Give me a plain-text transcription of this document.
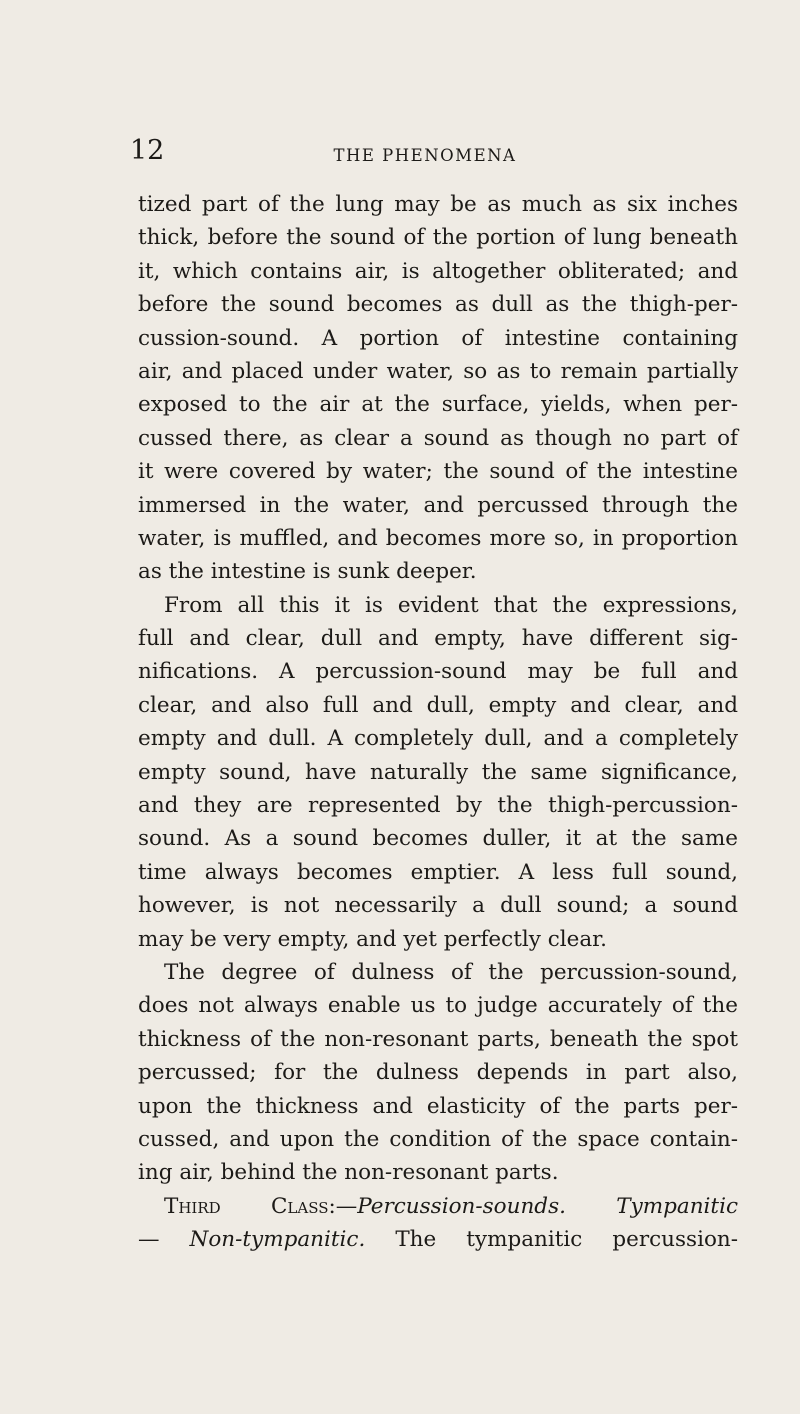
12	THE PHENOMENA
tized part of the lung may be as much as six inches
thick, before the sound of the portion of lung beneath
it, which contains air, is altogether obliterated; and
before the sound becomes as dull as the thigh-per-
cussion-sound. A portion of intestine containing
air, and placed under water, so as to remain partially
exposed to the air at the surface, yields, when per-
cussed there, as clear a sound as though no part of
it were covered by water; the sound of the intestine
immersed in the water, and percussed through the
water, is muffled, and becomes more so, in proportion
as the intestine is sunk deeper.
From all this it is evident that the expressions,
full and clear, dull and empty, have different sig-
nifications. A percussion-sound may be full and
clear, and also full and dull, empty and clear, and
empty and dull. A completely dull, and a completely
empty sound, have naturally the same significance,
and they are represented by the thigh-percussion-
sound. As a sound becomes duller, it at the same
time always becomes emptier. A less full sound,
however, is not necessarily a dull sound; a sound
may be very empty, and yet perfectly clear.
The degree of dulness of the percussion-sound,
does not always enable us to judge accurately of the
thickness of the non-resonant parts, beneath the spot
percussed; for the dulness depends in part also,
upon the thickness and elasticity of the parts per-
cussed, and upon the condition of the space contain-
ing air, behind the non-resonant parts.
Third Class:—Percussion-sounds. Tympanitic
— Non-tympanitic. The tympanitic percussion-
